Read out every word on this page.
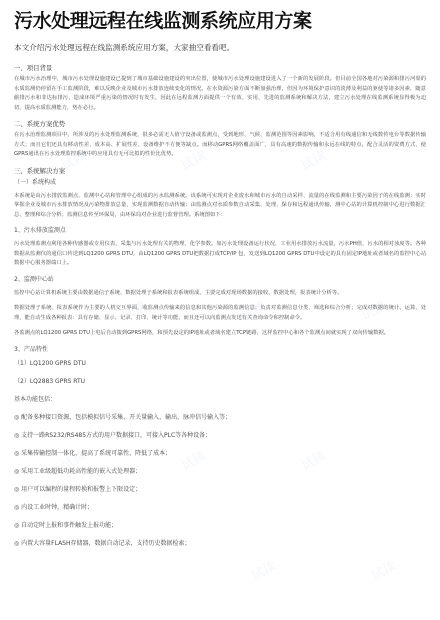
污水处理远程在线监测系统应用方案

本文介绍污水处理远程在线监测系统应用方案，大家抽空看看吧。

一、项目背景

在城市污水治理中，城市污水处理设施建设已提到了城市基础设施建设的突出位置，使城市污水处理设施建设进入了一个新的发展阶段。但目前全国各地对污染源和排污河渠的水质监测仍停留在手工监测阶段，难以反映企业及城市污水排放连续变化的情况。在水资源污染方面不断加强治理，但因为环境保护意识的淡薄及利益的驱使等诸多因素，随意偷排污水和非达标排污，造成环境严重污染的情况时有发生，因此在远程监测方面提供一个有效、实用、先进的监测系统和解决方法，建立污水处理在线监测系统显得极为迫切，提高水质监测能力，势在必行。

二、系统方案优势

在污水治理监测项目中，所涉及的污水处理监测系统，很多必需无人值守设备或监测点，受到地形、气候、监测范围等因素影响，不适合用有线通信和无线数传电台等数据传输方式；而且它们还具有移动性差、成本高、扩展性差、设备维护不方便等缺点。而移动GPRS网络覆盖面广，具有高速的数据传输和永远在线的特点，配合灵活的资费方式，使GPRS通讯在污水处理监控系统中的应用具有无可比拟的性价比优势。

三、系统解决方案

（一）系统构成

本系统是由污水排放监测点、监测中心站和管理中心组成的污水监测系统。该系统可实现对企业废水和城市污水的自动采样、流量的在线监测和主要污染因子的在线监测；实时掌握企业及城市污水排放情况及污染物排放总量，实现监测数据自动传输；由监测点对水质参数自动采集、处理、保存和远程通讯传输，测中心站的计算机控制中心进行数据汇总、整理和综合分析；监测信息传至环保局，由环保局对企业进行监督管理。系统图如下：

1、污水排放监测点

污水处理监测点利用各种传感器或专用仪表，采集与污水处理有关的物理、化学参数。如污水处理设备运行状况，工业用水排放污水流量，污水PH值，污水的相对浊度等。各种数据从监测仪的通信口传送到LQ1200 GPRS DTU，由LQ1200 GPRS DTU把数据打成TCP/IP 包，发送到LQ1200 GPRS DTU中设定的具有固定IP地址或者域名的监控中心站数据中心服务器端口上。

2、监测中心站

监控中心站计算机系统主要由数据通信子系统、数据处理子系统和报表系统组成，主要完成对现场数据的接收、数据处理，报表统计分析等。

数据处理子系统、报表系统作为主要的人机交互界面，收监测点传输来的信息和其他污染源的监测信息；负责对监测信息分类、筛选和综合分析；完成对数据的统计、运算、处理，能自动生成各种报表：具有存储、显示、记录、打印、统计等功能，而且还可以向监测点发送有关查询命令和控制命令。

各监测点的LQ1200 GPRS DTU上电后自动拨到GPRS网络，和预先设定的IP地址或者域名建立TCP链路，这样监控中心和各个监测点间就实现了双向传输数据。

3、产品特性

（1）LQ1200 GPRS DTU

（2）LQ2883 GPRS RTU

基本功能包括：

◎ 配备多种接口资源，包括模拟信号采集、开关量输入、输出，脉冲信号输入等；
◎ 支持一路RS232/RS485方式的用户数据接口，可接入PLC等各种设备；
◎ 采集传输控制一体化，提高了系统可靠性，降低了成本；
◎ 采用工业级超低功耗高性能的嵌入式处理器；
◎ 用户可以编程的量程转换和报警上下限设定；
◎ 内设工业时钟，精确计时；
◎ 自动定时上报和事件触发上报功能；
◎ 内置大容量FLASH存储器，数据自动记录，支持历史数据检索；
试读	试读	试读
试读	试读	试读
试读	试读	试读
试读	试读
